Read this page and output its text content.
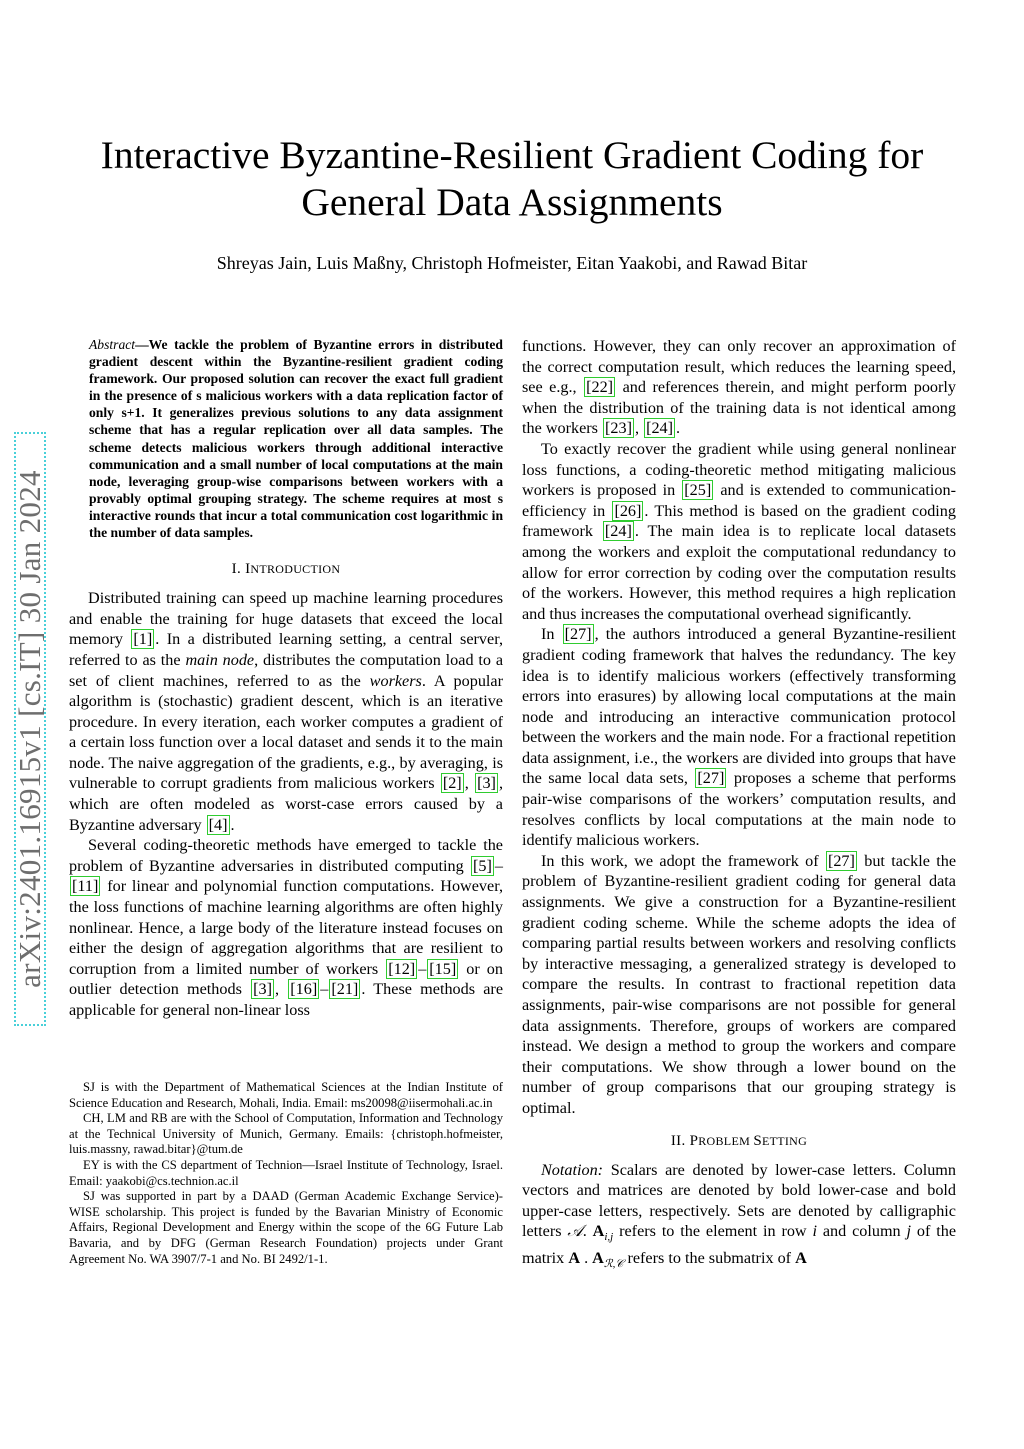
arXiv:2401.16915v1 [cs.IT] 30 Jan 2024
Interactive Byzantine-Resilient Gradient Coding for General Data Assignments
Shreyas Jain, Luis Maßny, Christoph Hofmeister, Eitan Yaakobi, and Rawad Bitar

Abstract—We tackle the problem of Byzantine errors in distributed gradient descent within the Byzantine-resilient gradient coding framework. Our proposed solution can recover the exact full gradient in the presence of s malicious workers with a data replication factor of only s+1. It generalizes previous solutions to any data assignment scheme that has a regular replication over all data samples. The scheme detects malicious workers through additional interactive communication and a small number of local computations at the main node, leveraging group-wise comparisons between workers with a provably optimal grouping strategy. The scheme requires at most s interactive rounds that incur a total communication cost logarithmic in the number of data samples.

I. INTRODUCTION

Distributed training can speed up machine learning procedures and enable the training for huge datasets that exceed the local memory [1] . In a distributed learning setting, a central server, referred to as the main node, distributes the computation load to a set of client machines, referred to as the workers. A popular algorithm is (stochastic) gradient descent, which is an iterative procedure. In every iteration, each worker computes a gradient of a certain loss function over a local dataset and sends it to the main node. The naive aggregation of the gradients, e.g., by averaging, is vulnerable to corrupt gradients from malicious workers [2] , [3] , which are often modeled as worst-case errors caused by a Byzantine adversary [4] .

Several coding-theoretic methods have emerged to tackle the problem of Byzantine adversaries in distributed computing [5] –[11] for linear and polynomial function computations. However, the loss functions of machine learning algorithms are often highly nonlinear. Hence, a large body of the literature instead focuses on either the design of aggregation algorithms that are resilient to corruption from a limited number of workers [12] – [15] or on outlier detection methods [3] , [16] – [21] . These methods are applicable for general non-linear loss

SJ is with the Department of Mathematical Sciences at the Indian Institute of Science Education and Research, Mohali, India. Email: ms20098@iisermohali.ac.in

CH, LM and RB are with the School of Computation, Information and Technology at the Technical University of Munich, Germany. Emails: {christoph.hofmeister, luis.massny, rawad.bitar}@tum.de

EY is with the CS department of Technion—Israel Institute of Technology, Israel. Email: yaakobi@cs.technion.ac.il

SJ was supported in part by a DAAD (German Academic Exchange Service)-WISE scholarship. This project is funded by the Bavarian Ministry of Economic Affairs, Regional Development and Energy within the scope of the 6G Future Lab Bavaria, and by DFG (German Research Foundation) projects under Grant Agreement No. WA 3907/7-1 and No. BI 2492/1-1.

functions. However, they can only recover an approximation of the correct computation result, which reduces the learning speed, see e.g., [22] and references therein, and might perform poorly when the distribution of the training data is not identical among the workers [23] , [24] .

To exactly recover the gradient while using general nonlinear loss functions, a coding-theoretic method mitigating malicious workers is proposed in [25] and is extended to communication-efficiency in [26] . This method is based on the gradient coding framework [24] . The main idea is to replicate local datasets among the workers and exploit the computational redundancy to allow for error correction by coding over the computation results of the workers. However, this method requires a high replication and thus increases the computational overhead significantly.

In [27] , the authors introduced a general Byzantine-resilient gradient coding framework that halves the redundancy. The key idea is to identify malicious workers (effectively transforming errors into erasures) by allowing local computations at the main node and introducing an interactive communication protocol between the workers and the main node. For a fractional repetition data assignment, i.e., the workers are divided into groups that have the same local data sets, [27] proposes a scheme that performs pair-wise comparisons of the workers’ computation results, and resolves conflicts by local computations at the main node to identify malicious workers.

In this work, we adopt the framework of [27] but tackle the problem of Byzantine-resilient gradient coding for general data assignments. We give a construction for a Byzantine-resilient gradient coding scheme. While the scheme adopts the idea of comparing partial results between workers and resolving conflicts by interactive messaging, a generalized strategy is developed to compare the results. In contrast to fractional repetition data assignments, pair-wise comparisons are not possible for general data assignments. Therefore, groups of workers are compared instead. We design a method to group the workers and compare their computations. We show through a lower bound on the number of group comparisons that our grouping strategy is optimal.

II. PROBLEM SETTING

Notation: Scalars are denoted by lower-case letters. Column vectors and matrices are denoted by bold lower-case and bold upper-case letters, respectively. Sets are denoted by calligraphic letters 𝒜. $A_{i,j}$ refers to the element in row i and column j of the matrix A . $A_{ℛ,𝒞}$ refers to the submatrix of A
